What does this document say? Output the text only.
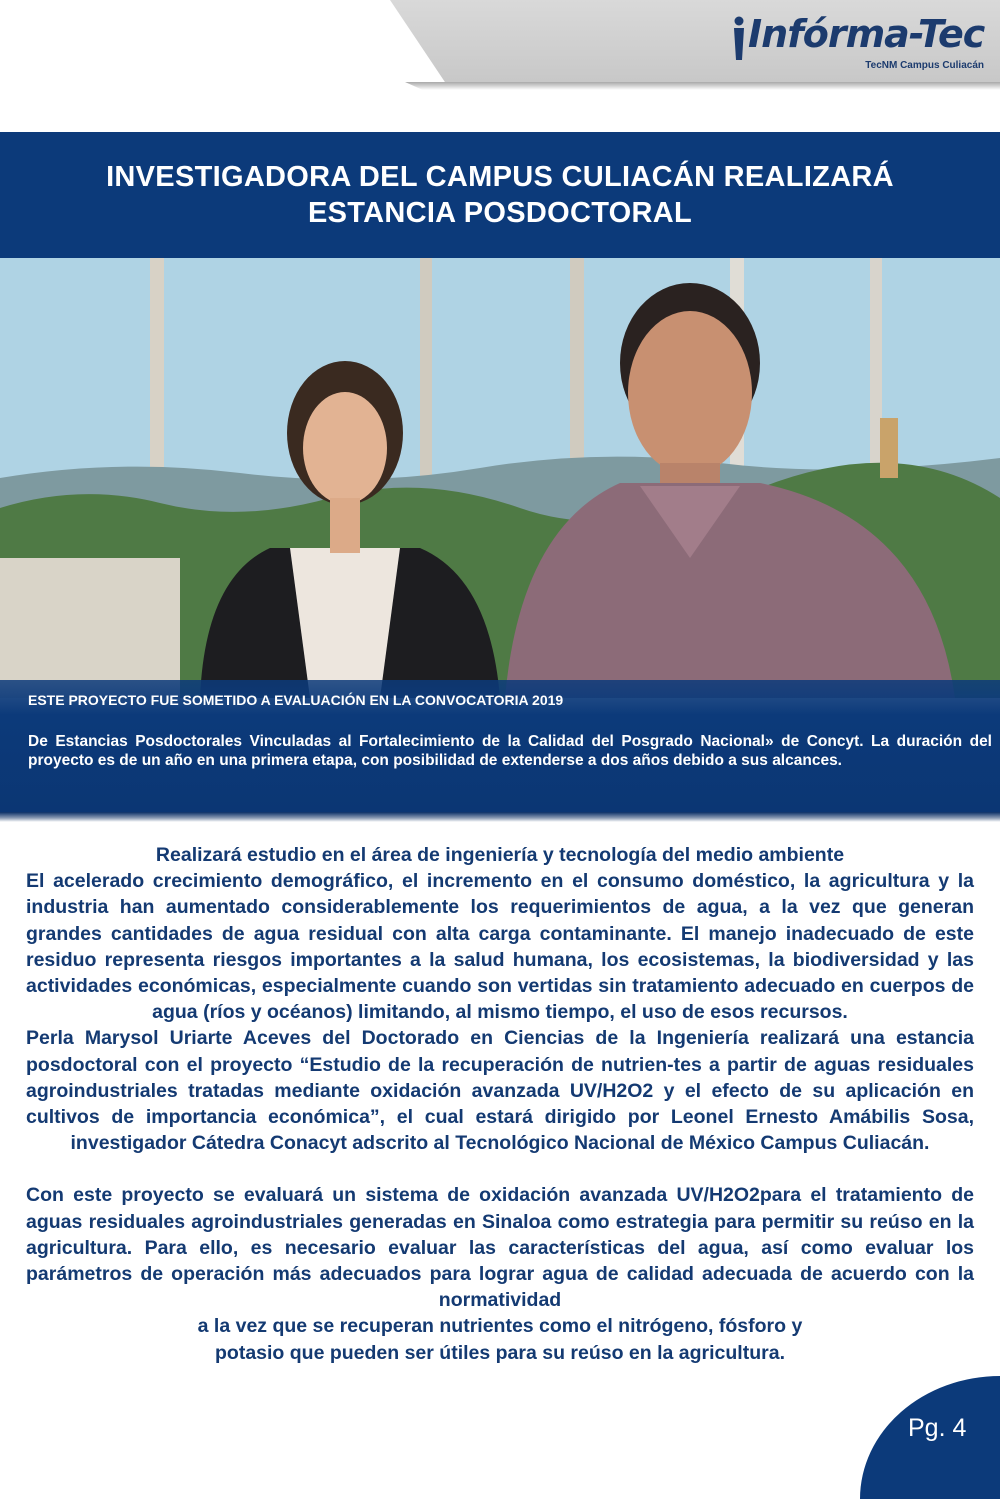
Infórma-Tec
TecNM Campus Culiacán
INVESTIGADORA DEL CAMPUS CULIACÁN REALIZARÁ
ESTANCIA POSDOCTORAL

ESTE PROYECTO FUE SOMETIDO A EVALUACIÓN EN LA CONVOCATORIA 2019

De Estancias Posdoctorales Vinculadas al Fortalecimiento de la Calidad del Posgrado Nacional» de Concyt. La duración del proyecto es de un año en una primera etapa, con posibilidad de extenderse a dos años debido a sus alcances.

Realizará estudio en el área de ingeniería y tecnología del medio ambiente

El acelerado crecimiento demográfico, el incremento en el consumo doméstico, la agricultura y la industria han aumentado considerablemente los requerimientos de agua, a la vez que generan grandes cantidades de agua residual con alta carga contaminante. El manejo inadecuado de este residuo representa riesgos importantes a la salud humana, los ecosistemas, la biodiversidad y las actividades económicas, especialmente cuando son vertidas sin tratamiento adecuado en cuerpos de agua (ríos y océanos) limitando, al mismo tiempo, el uso de esos recursos.

Perla Marysol Uriarte Aceves del Doctorado en Ciencias de la Ingeniería realizará una estancia posdoctoral con el proyecto “Estudio de la recuperación de nutrien-tes a partir de aguas residuales agroindustriales tratadas mediante oxidación avanzada UV/H2O2 y el efecto de su aplicación en cultivos de importancia económica”, el cual estará dirigido por Leonel Ernesto Amábilis Sosa, investigador Cátedra Conacyt adscrito al Tecnológico Nacional de México Campus Culiacán.

Con este proyecto se evaluará un sistema de oxidación avanzada UV/H2O2para el tratamiento de aguas residuales agroindustriales generadas en Sinaloa como estrategia para permitir su reúso en la agricultura. Para ello, es necesario evaluar las características del agua, así como evaluar los parámetros de operación más adecuados para lograr agua de calidad adecuada de acuerdo con la normatividad

a la vez que se recuperan nutrientes como el nitrógeno, fósforo y

potasio que pueden ser útiles para su reúso en la agricultura.

Pg. 4
